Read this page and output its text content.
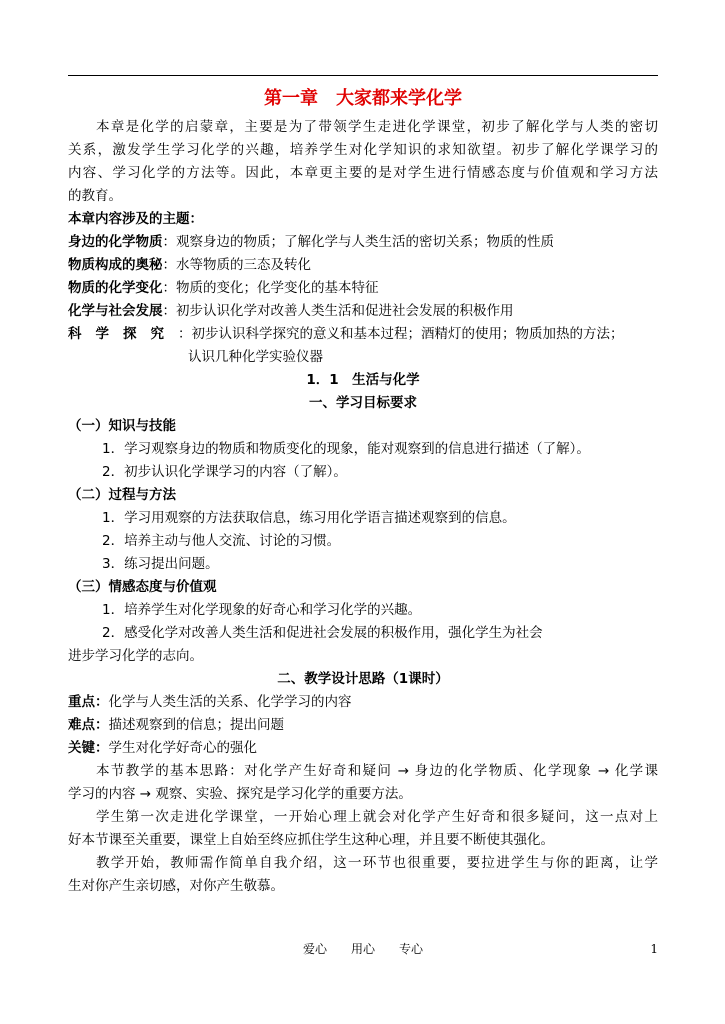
第一章　大家都来学化学
本章是化学的启蒙章，主要是为了带领学生走进化学课堂，初步了解化学与人类的密切
关系，激发学生学习化学的兴趣，培养学生对化学知识的求知欲望。初步了解化学课学习的
内容、学习化学的方法等。因此，本章更主要的是对学生进行情感态度与价值观和学习方法
的教育。
本章内容涉及的主题：
身边的化学物质：观察身边的物质；了解化学与人类生活的密切关系；物质的性质
物质构成的奥秘：水等物质的三态及转化
物质的化学变化：物质的变化；化学变化的基本特征
化学与社会发展：初步认识化学对改善人类生活和促进社会发展的积极作用
科学探究：初步认识科学探究的意义和基本过程；酒精灯的使用；物质加热的方法；
认识几种化学实验仪器
1．1　生活与化学
一、学习目标要求
（一）知识与技能
1．学习观察身边的物质和物质变化的现象，能对观察到的信息进行描述（了解）。
2．初步认识化学课学习的内容（了解）。
（二）过程与方法
1．学习用观察的方法获取信息，练习用化学语言描述观察到的信息。
2．培养主动与他人交流、讨论的习惯。
3．练习提出问题。
（三）情感态度与价值观
1．培养学生对化学现象的好奇心和学习化学的兴趣。
2．感受化学对改善人类生活和促进社会发展的积极作用，强化学生为社会
进步学习化学的志向。
二、教学设计思路（1课时）
重点：化学与人类生活的关系、化学学习的内容
难点：描述观察到的信息；提出问题
关键：学生对化学好奇心的强化
本节教学的基本思路：对化学产生好奇和疑问 → 身边的化学物质、化学现象 → 化学课
学习的内容 → 观察、实验、探究是学习化学的重要方法。
学生第一次走进化学课堂，一开始心理上就会对化学产生好奇和很多疑问，这一点对上
好本节课至关重要，课堂上自始至终应抓住学生这种心理，并且要不断使其强化。
教学开始，教师需作简单自我介绍，这一环节也很重要，要拉进学生与你的距离，让学
生对你产生亲切感，对你产生敬慕。
爱心　　用心　　专心	1
